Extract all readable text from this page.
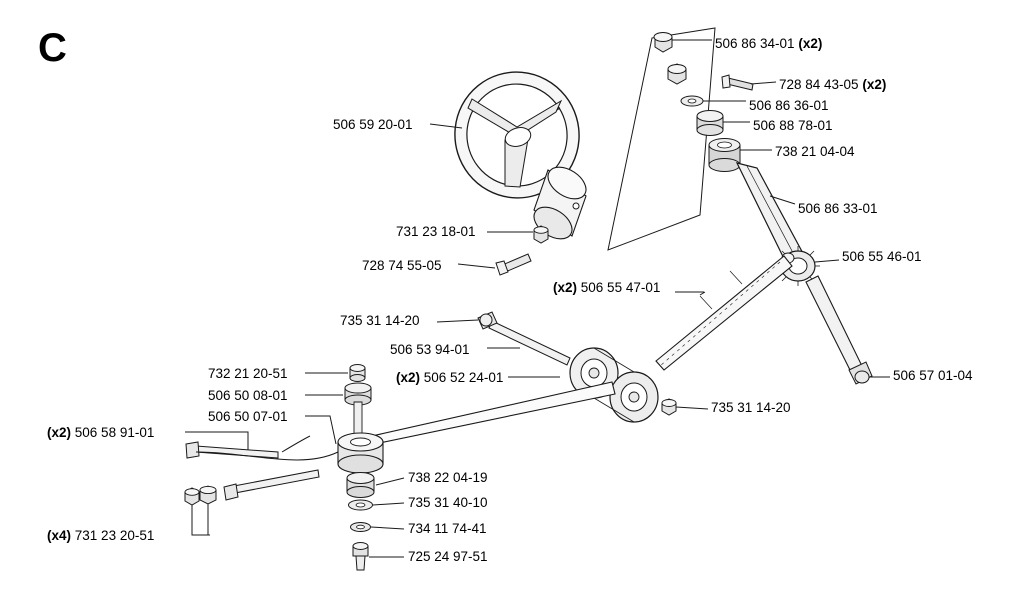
C	506 86 34-01 (x2)
728 84 43-05 (x2)
506 86 36-01
506 88 78-01
738 21 04-04
506 86 33-01
506 55 46-01
506 57 01-04
735 31 14-20
506 59 20-01
731 23 18-01
728 74 55-05
(x2) 506 55 47-01
735 31 14-20
506 53 94-01
(x2) 506 52 24-01
732 21 20-51
506 50 08-01
506 50 07-01
(x2) 506 58 91-01
(x4) 731 23 20-51
738 22 04-19
735 31 40-10
734 11 74-41
725 24 97-51
